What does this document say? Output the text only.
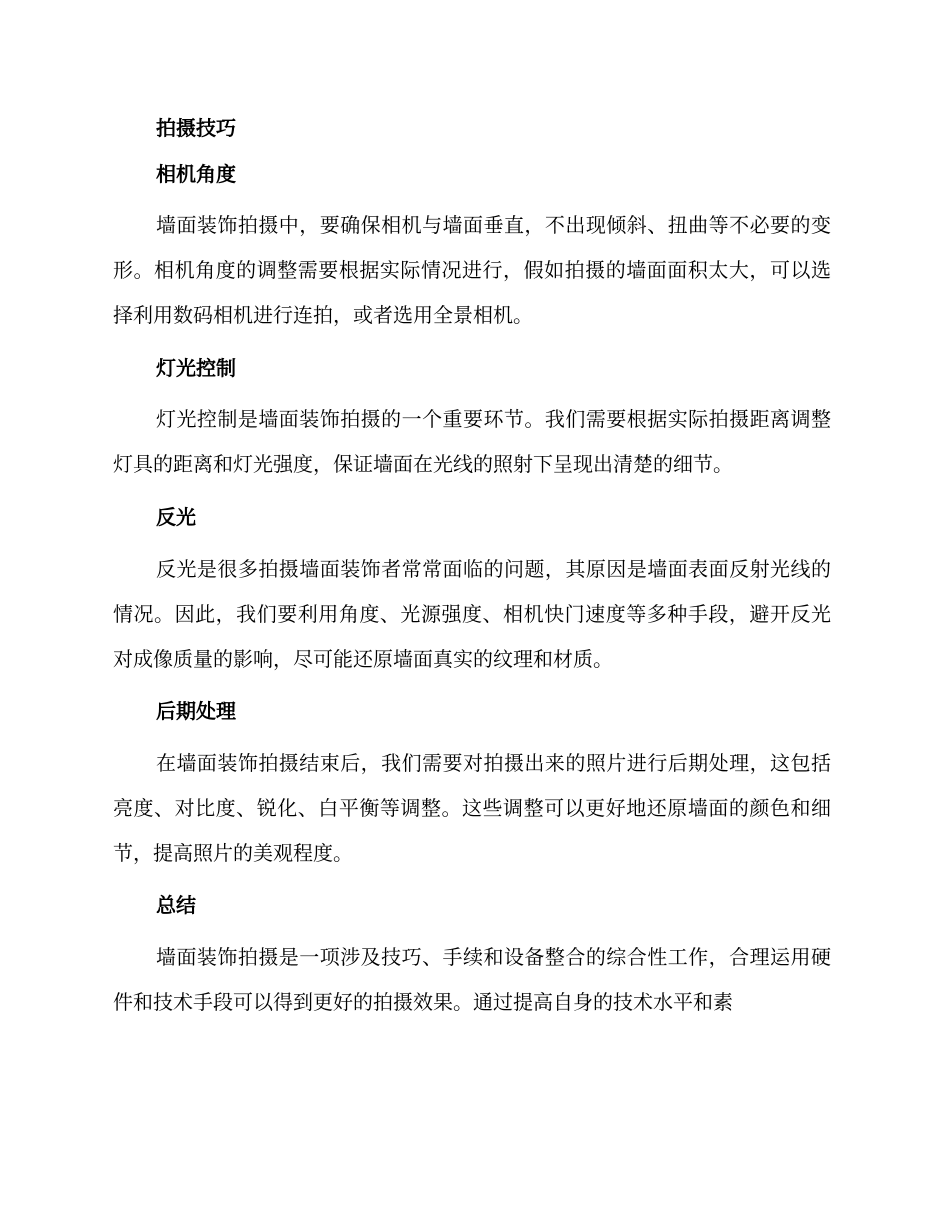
拍摄技巧
相机角度
墙面装饰拍摄中，要确保相机与墙面垂直，不出现倾斜、扭曲等不必要的变形。相机角度的调整需要根据实际情况进行，假如拍摄的墙面面积太大，可以选择利用数码相机进行连拍，或者选用全景相机。
灯光控制
灯光控制是墙面装饰拍摄的一个重要环节。我们需要根据实际拍摄距离调整灯具的距离和灯光强度，保证墙面在光线的照射下呈现出清楚的细节。
反光
反光是很多拍摄墙面装饰者常常面临的问题，其原因是墙面表面反射光线的情况。因此，我们要利用角度、光源强度、相机快门速度等多种手段，避开反光对成像质量的影响，尽可能还原墙面真实的纹理和材质。
后期处理
在墙面装饰拍摄结束后，我们需要对拍摄出来的照片进行后期处理，这包括亮度、对比度、锐化、白平衡等调整。这些调整可以更好地还原墙面的颜色和细节，提高照片的美观程度。
总结
墙面装饰拍摄是一项涉及技巧、手续和设备整合的综合性工作，合理运用硬件和技术手段可以得到更好的拍摄效果。通过提高自身的技术水平和素
